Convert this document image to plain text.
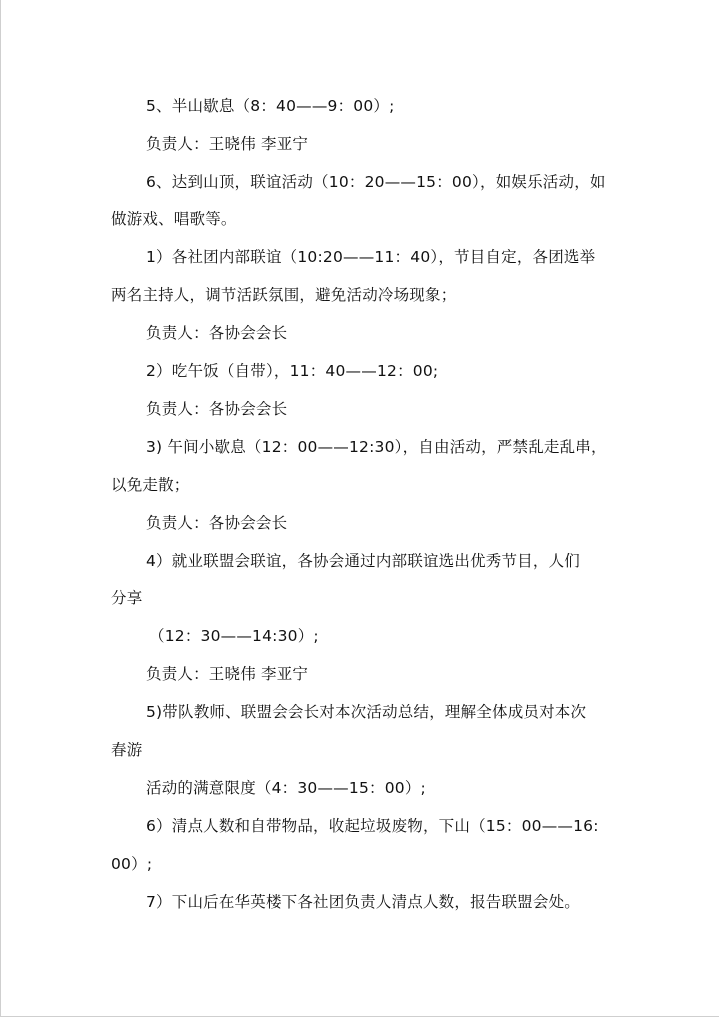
5、半山歇息（8：40——9：00）;
负责人：王晓伟 李亚宁
6、达到山顶，联谊活动（10：20——15：00），如娱乐活动，如
做游戏、唱歌等。
1）各社团内部联谊（10:20——11：40），节目自定，各团选举
两名主持人，调节活跃氛围，避免活动冷场现象；
负责人：各协会会长
2）吃午饭（自带），11：40——12：00;
负责人：各协会会长
3) 午间小歇息（12：00——12:30），自由活动，严禁乱走乱串，
以免走散；
负责人：各协会会长
4）就业联盟会联谊，各协会通过内部联谊选出优秀节目，人们
分享
（12：30——14:30）;
负责人：王晓伟 李亚宁
5)带队教师、联盟会会长对本次活动总结，理解全体成员对本次
春游
活动的满意限度（4：30——15：00）;
6）清点人数和自带物品，收起垃圾废物，下山（15：00——16:
00）;
7）下山后在华英楼下各社团负责人清点人数，报告联盟会处。
